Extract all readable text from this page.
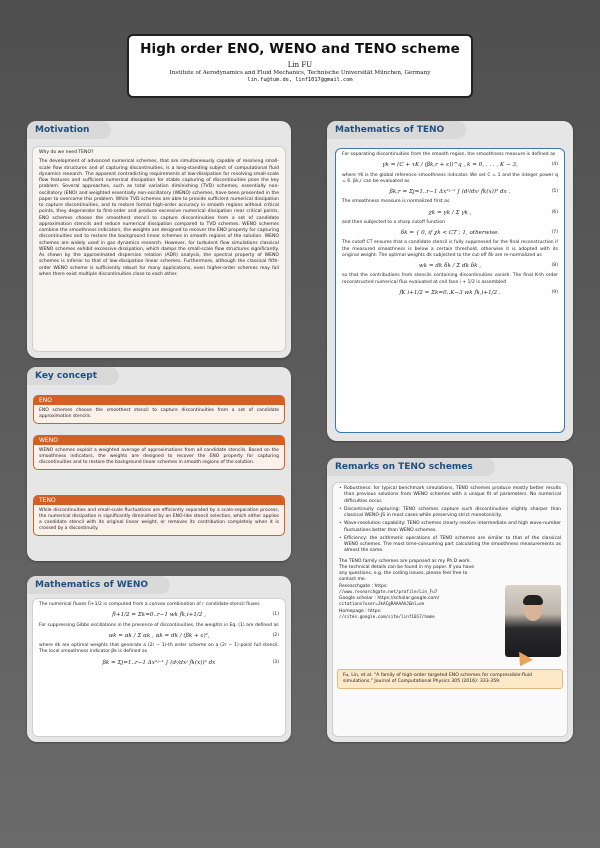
High order ENO, WENO and TENO scheme
Lin FU
Institute of Aerodynamics and Fluid Mechanics, Technische Universität München, Germany
lin.fu@tum.de, linf1017@gmail.com
Motivation
Why do we need TENO?
The development of advanced numerical schemes, that are simultaneously capable of resolving small-scale flow structures and of capturing discontinuities, is a long-standing subject of computational fluid dynamics research. The apparent contradicting requirements of low-dissipation for resolving small-scale flow features and sufficient numerical dissipation for stable capturing of discontinuities pose the key problem. Several approaches, such as total variation diminishing (TVD) schemes, essentially non-oscillatory (ENO) and weighted essentially non-oscillatory (WENO) schemes, have been presented in the paper to overcome this problem. While TVD schemes are able to provide sufficient numerical dissipation to capture discontinuities, and to restore formal high-order accuracy in smooth regions without critical points, they degenerate to first-order and produce excessive numerical dissipation near critical points. ENO schemes choose the smoothest stencil to capture discontinuities from a set of candidate approximation stencils and reduce numerical dissipation compared to TVD schemes. WENO schemes combine the smoothness indicators, the weights are designed to recover the ENO property for capturing discontinuities and to restore the background linear schemes in smooth regions of the solution. WENO schemes are widely used in gas dynamics research. However, for turbulent flow simulations classical WENO schemes exhibit excessive dissipation, which damps the small-scale flow structures significantly. As shown by the approximated dispersion relation (ADR) analysis, the spectral property of WENO schemes is inferior to that of low-dissipation linear schemes. Furthermore, although the classical fifth-order WENO scheme is sufficiently robust for many applications, even higher-order schemes may fail when there exist multiple discontinuities close to each other.
Key concept
ENO
ENO schemes choose the smoothest stencil to capture discontinuities from a set of candidate approximation stencils.
WENO
WENO schemes exploit a weighted average of approximations from all candidate stencils. Based on the smoothness indicators, the weights are designed to recover the ENO property for capturing discontinuities and to restore the background linear schemes in smooth regions of the solution.
TENO
While discontinuities and small-scale fluctuations are efficiently separated by a scale-separation process, the numerical dissipation is significantly diminished by an ENO-like stencil selection, which either applies a candidate stencil with its original linear weight, or removes its contribution completely when it is crossed by a discontinuity.
Mathematics of WENO
The numerical fluxes f̂i+1/2 is computed from a convex combination of r candidate-stencil fluxes
f̂i+1/2 = Σk=0..r−1 wk f̂k,i+1/2 ,	(1)
For suppressing Gibbs oscillations in the presence of discontinuities, the weights in Eq. (1) are defined as
wk = αk / Σ αk , αk = dk / (βk + ε)²,	(2)
where dk are optimal weights that generate a (2r − 1)-th order scheme on a (2r − 1)-point full stencil. The local smoothness indicator βk is defined as
βk = Σj=1..r−1 Δx²ʲ⁻¹ ∫ (dʲ/dxʲ f̂k(x))² dx	(3)
Mathematics of TENO
For separating discontinuities from the smooth region, the smoothness measure is defined as
γk = (C + τK / (βk,r + ε))^q , k = 0, . . . , K − 3,	(4)
where τK is the global reference smoothness indicator. We set C = 1 and the integer power q = 6. βk,r can be evaluated as
βk,r = Σj=1..r−1 Δx²ʲ⁻¹ ∫ (dʲ/dxʲ f̂k(x))² dx .	(5)
The smoothness measure is normalized first as
χk = γk / Σ γk ,	(6)
and then subjected to a sharp cutoff function
δk = { 0, if χk < CT ; 1, otherwise.	(7)
The cutoff CT ensures that a candidate stencil is fully suppressed for the final reconstruction if the measured smoothness is below a certain threshold, otherwise it is adopted with its original weight. The optimal weights dk subjected to the cut-off δk are re-normalized as
wk = dk δk / Σ dk δk ,	(8)
so that the contributions from stencils containing discontinuities vanish. The final K-th order reconstructed numerical flux evaluated at cell face i + 1/2 is assembled
f̂K i+1/2 = Σk=0..K−3 wk f̂k,i+1/2 .	(9)
Remarks on TENO schemes
• Robustness: for typical benchmark simulations, TENO schemes produce mostly better results than previous solutions from WENO schemes with a unique fit of parameters. No numerical difficulties occur.
• Discontinuity capturing: TENO schemes capture such discontinuities slightly sharper than classical WENO-JS in most cases while preserving strict monotonicity.
• Wave-resolution capability: TENO schemes clearly resolve intermediate and high wave-number fluctuations better than WENO schemes.
• Efficiency: the arithmetic operations of TENO schemes are similar to that of the classical WENO schemes. The most time-consuming part calculating the smoothness measurements as almost the same.
The TENO family schemes are proposed as my Ph.D work. The technical details can be found in my paper. If you have any questions, e.g. the coding issues, please feel free to contact me.
Researchgate : https:
//www.researchgate.net/profile/Lin_Fu7
Google scholar : https://scholar.google.com/
citations?user=JkACgRAAAAAJ&hl=en
Homepage : https:
//sites.google.com/site/linf1017/home
Fu, Lin, et al. "A family of high-order targeted ENO schemes for compressible-fluid simulations." Journal of Computational Physics 305 (2016): 333-359.
